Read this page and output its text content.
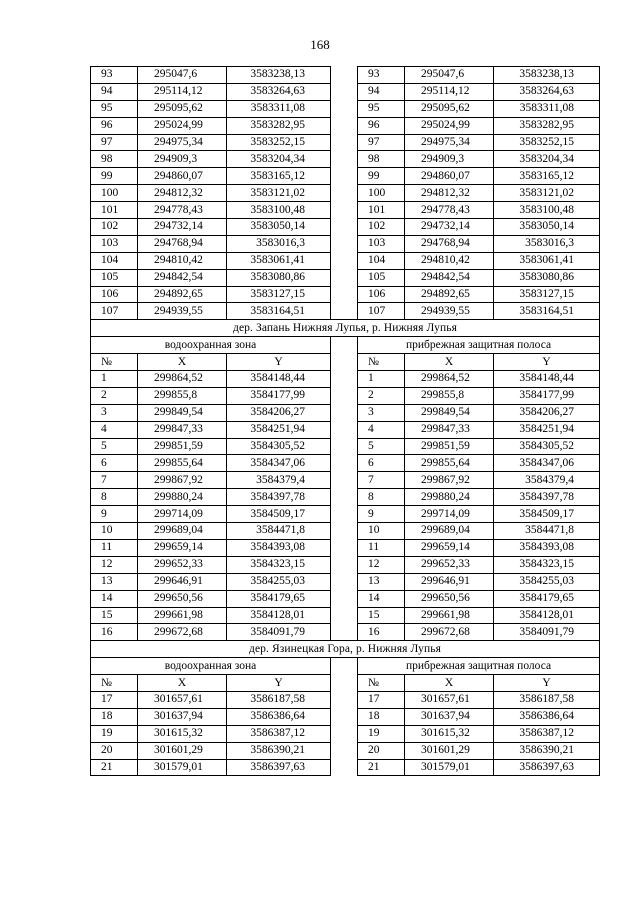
168
93	295047,6	3583238,13		93	295047,6	3583238,13
94	295114,12	3583264,63		94	295114,12	3583264,63
95	295095,62	3583311,08		95	295095,62	3583311,08
96	295024,99	3583282,95		96	295024,99	3583282,95
97	294975,34	3583252,15		97	294975,34	3583252,15
98	294909,3	3583204,34		98	294909,3	3583204,34
99	294860,07	3583165,12		99	294860,07	3583165,12
100	294812,32	3583121,02		100	294812,32	3583121,02
101	294778,43	3583100,48		101	294778,43	3583100,48
102	294732,14	3583050,14		102	294732,14	3583050,14
103	294768,94	3583016,3		103	294768,94	3583016,3
104	294810,42	3583061,41		104	294810,42	3583061,41
105	294842,54	3583080,86		105	294842,54	3583080,86
106	294892,65	3583127,15		106	294892,65	3583127,15
107	294939,55	3583164,51		107	294939,55	3583164,51
дер. Запань Нижняя Лупья, р. Нижняя Лупья						
водоохранная зона				прибрежная защитная полоса		
№	X	Y		№	X	Y
1	299864,52	3584148,44		1	299864,52	3584148,44
2	299855,8	3584177,99		2	299855,8	3584177,99
3	299849,54	3584206,27		3	299849,54	3584206,27
4	299847,33	3584251,94		4	299847,33	3584251,94
5	299851,59	3584305,52		5	299851,59	3584305,52
6	299855,64	3584347,06		6	299855,64	3584347,06
7	299867,92	3584379,4		7	299867,92	3584379,4
8	299880,24	3584397,78		8	299880,24	3584397,78
9	299714,09	3584509,17		9	299714,09	3584509,17
10	299689,04	3584471,8		10	299689,04	3584471,8
11	299659,14	3584393,08		11	299659,14	3584393,08
12	299652,33	3584323,15		12	299652,33	3584323,15
13	299646,91	3584255,03		13	299646,91	3584255,03
14	299650,56	3584179,65		14	299650,56	3584179,65
15	299661,98	3584128,01		15	299661,98	3584128,01
16	299672,68	3584091,79		16	299672,68	3584091,79
дер. Язинецкая Гора, р. Нижняя Лупья						
водоохранная зона				прибрежная защитная полоса		
№	X	Y		№	X	Y
17	301657,61	3586187,58		17	301657,61	3586187,58
18	301637,94	3586386,64		18	301637,94	3586386,64
19	301615,32	3586387,12		19	301615,32	3586387,12
20	301601,29	3586390,21		20	301601,29	3586390,21
21	301579,01	3586397,63		21	301579,01	3586397,63
